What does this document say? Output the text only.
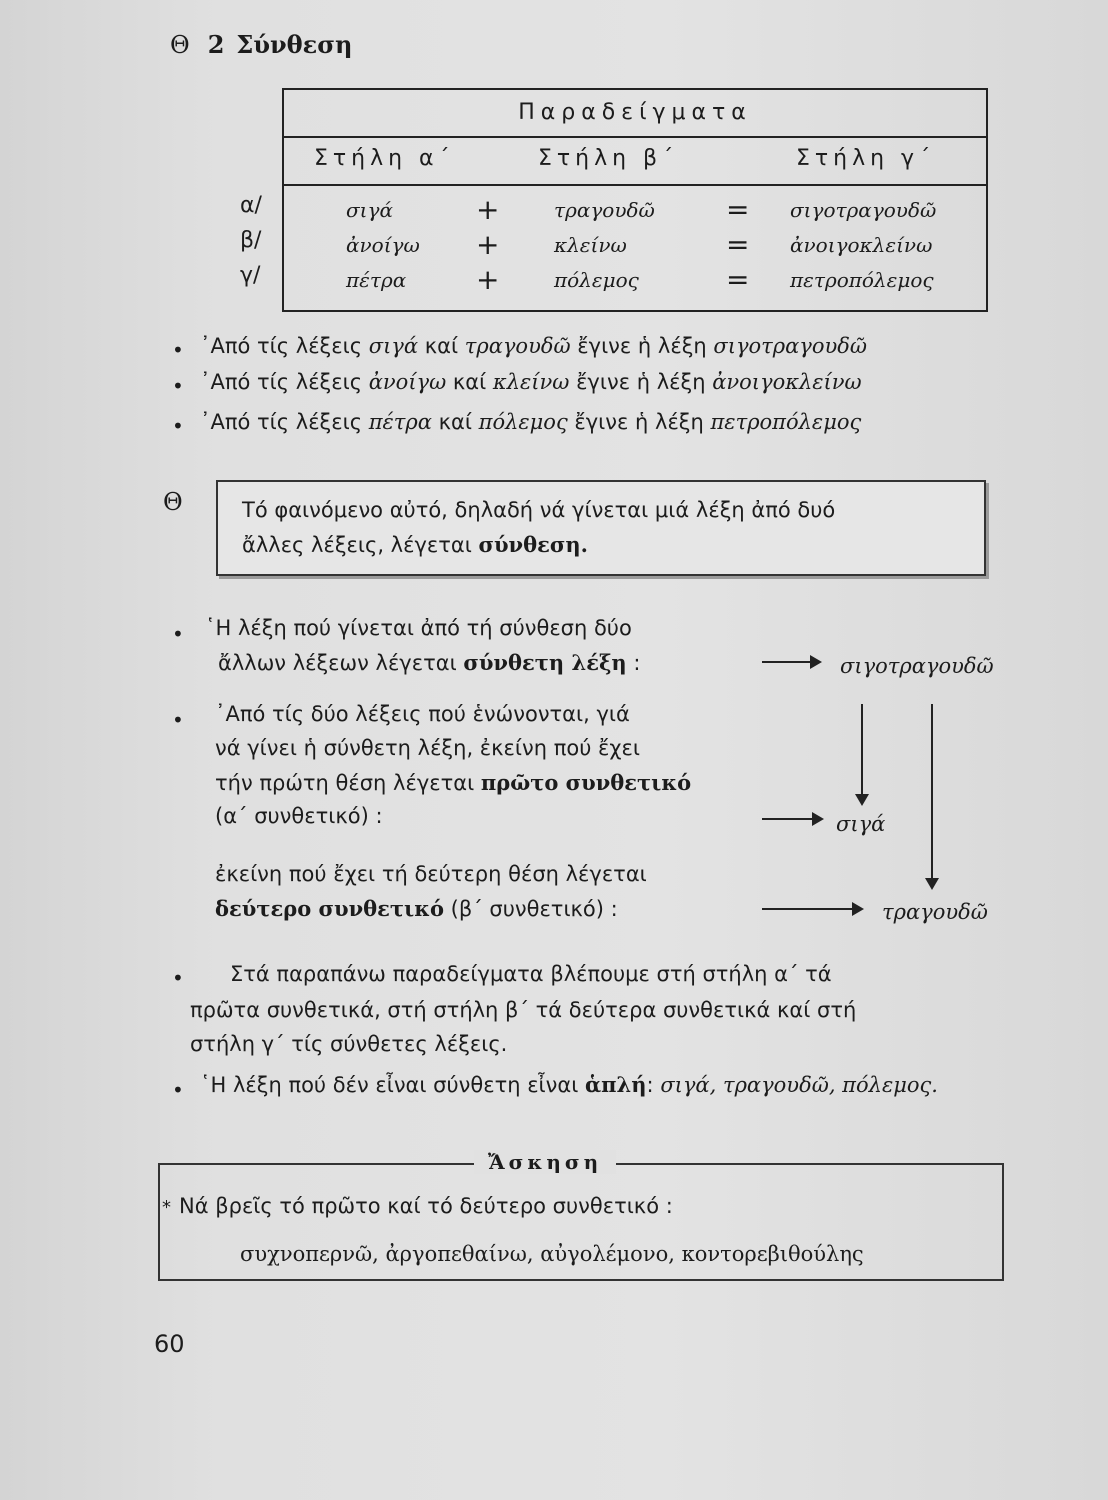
Θ 2 Σύνθεση
α/
β/
γ/
Παραδείγματα
Στήλη α΄	Στήλη β΄	Στήλη γ΄
σιγά	+	τραγουδῶ	= σιγοτραγουδῶ
ἀνοίγω +	κλείνω	= ἀνοιγοκλείνω
πέτρα +	πόλεμος	= πετροπόλεμος
• ᾿Από τίς λέξεις σιγά καί τραγουδῶ ἔγινε ἡ λέξη σιγοτραγουδῶ
• ᾿Από τίς λέξεις ἀνοίγω καί κλείνω ἔγινε ἡ λέξη ἀνοιγοκλείνω
• ᾿Από τίς λέξεις πέτρα καί πόλεμος ἔγινε ἡ λέξη πετροπόλεμος
Θ	Τό φαινόμενο αὐτό, δηλαδή νά γίνεται μιά λέξη ἀπό δυό
ἄλλες λέξεις, λέγεται σύνθεση.
• ῾Η λέξη πού γίνεται ἀπό τή σύνθεση δύο
ἄλλων λέξεων λέγεται σύνθετη λέξη :	σιγοτραγουδῶ
• ᾿Από τίς δύο λέξεις πού ἑνώνονται, γιά
νά γίνει ἡ σύνθετη λέξη, ἐκείνη πού ἔχει
τήν πρώτη θέση λέγεται πρῶτο συνθετικό
(α΄ συνθετικό) :	σιγά
ἐκείνη πού ἔχει τή δεύτερη θέση λέγεται
δεύτερο συνθετικό (β΄ συνθετικό) :	τραγουδῶ
• Στά παραπάνω παραδείγματα βλέπουμε στή στήλη α΄ τά
πρῶτα συνθετικά, στή στήλη β΄ τά δεύτερα συνθετικά καί στή
στήλη γ΄ τίς σύνθετες λέξεις.
• ῾Η λέξη πού δέν εἶναι σύνθετη εἶναι ἁπλή: σιγά, τραγουδῶ, πόλεμος.
Ἄσκηση
* Νά βρεῖς τό πρῶτο καί τό δεύτερο συνθετικό :
συχνοπερνῶ, ἀργοπεθαίνω, αὐγολέμονο, κοντορεβιθούλης
60
